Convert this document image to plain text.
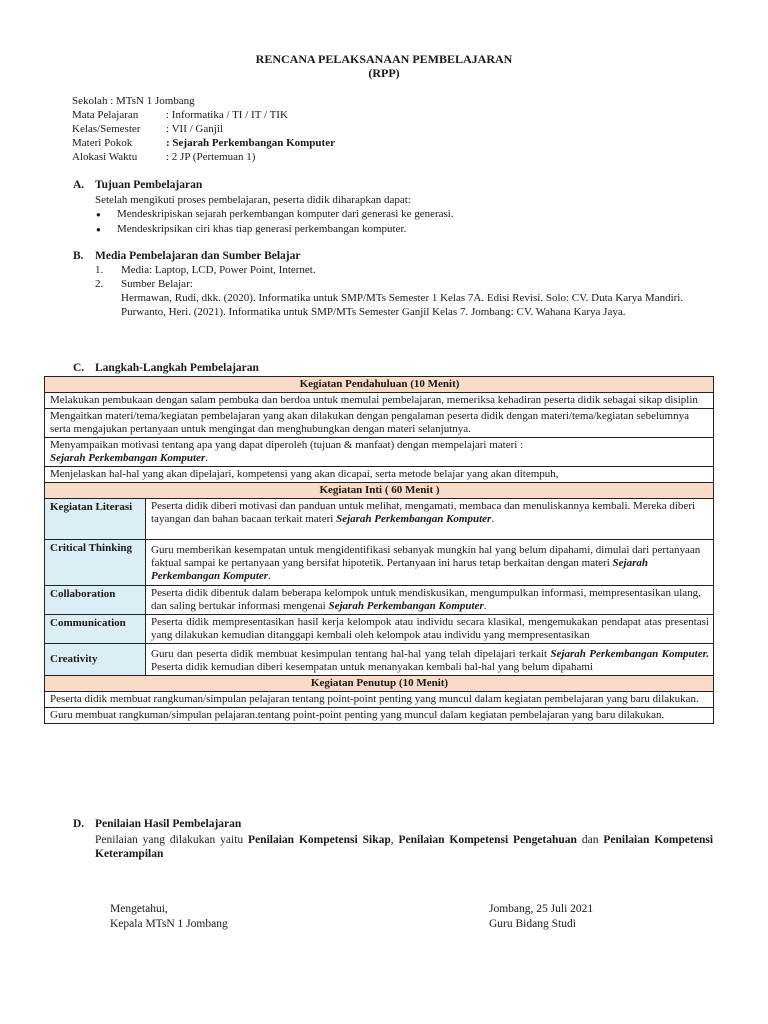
RENCANA PELAKSANAAN PEMBELAJARAN
(RPP)
Sekolah : MTsN 1 Jombang
Mata Pelajaran	: Informatika / TI / IT / TIK
Kelas/Semester : VII / Ganjil
Materi Pokok	: Sejarah Perkembangan Komputer
Alokasi Waktu	: 2 JP (Pertemuan 1)
A. Tujuan Pembelajaran
Setelah mengikuti proses pembelajaran, peserta didik diharapkan dapat:
● Mendeskripiskan sejarah perkembangan komputer dari generasi ke generasi.
● Mendeskripsikan ciri khas tiap generasi perkembangan komputer.
B. Media Pembelajaran dan Sumber Belajar
1. Media: Laptop, LCD, Power Point, Internet.
2. Sumber Belajar:
Hermawan, Rudi, dkk. (2020). Informatika untuk SMP/MTs Semester 1 Kelas 7A. Edisi Revisi. Solo: CV. Duta Karya Mandiri.
Purwanto, Heri. (2021). Informatika untuk SMP/MTs Semester Ganjil Kelas 7. Jombang: CV. Wahana Karya Jaya.
C. Langkah-Langkah Pembelajaran
Kegiatan Pendahuluan (10 Menit)	
Melakukan pembukaan dengan salam pembuka dan berdoa untuk memulai pembelajaran, memeriksa kehadiran peserta didik sebagai sikap disiplin	
Mengaitkan materi/tema/kegiatan pembelajaran yang akan dilakukan dengan pengalaman peserta didik dengan materi/tema/kegiatan sebelumnya serta mengajukan pertanyaan untuk mengingat dan menghubungkan dengan materi selanjutnya.	
Menyampaikan motivasi tentang apa yang dapat diperoleh (tujuan & manfaat) dengan mempelajari materi :
Sejarah Perkembangan Komputer.	
Menjelaskan hal-hal yang akan dipelajari, kompetensi yang akan dicapai, serta metode belajar yang akan ditempuh,	
Kegiatan Inti ( 60 Menit )	
Kegiatan Literasi	Peserta didik diberi motivasi dan panduan untuk melihat, mengamati, membaca dan menuliskannya kembali. Mereka diberi tayangan dan bahan bacaan terkait materi Sejarah Perkembangan Komputer.
Critical Thinking	Guru memberikan kesempatan untuk mengidentifikasi sebanyak mungkin hal yang belum dipahami, dimulai dari pertanyaan faktual sampai ke pertanyaan yang bersifat hipotetik. Pertanyaan ini harus tetap berkaitan dengan materi Sejarah Perkembangan Komputer.
Collaboration	Peserta didik dibentuk dalam beberapa kelompok untuk mendiskusikan, mengumpulkan informasi, mempresentasikan ulang, dan saling bertukar informasi mengenai Sejarah Perkembangan Komputer.
Communication	Peserta didik mempresentasikan hasil kerja kelompok atau individu secara klasikal, mengemukakan pendapat atas presentasi yang dilakukan kemudian ditanggapi kembali oleh kelompok atau individu yang mempresentasikan
Creativity	Guru dan peserta didik membuat kesimpulan tentang hal-hal yang telah dipelajari terkait Sejarah Perkembangan Komputer. Peserta didik kemudian diberi kesempatan untuk menanyakan kembali hal-hal yang belum dipahami
Kegiatan Penutup (10 Menit)	
Peserta didik membuat rangkuman/simpulan pelajaran tentang point-point penting yang muncul dalam kegiatan pembelajaran yang baru dilakukan.	
Guru membuat rangkuman/simpulan pelajaran.tentang point-point penting yang muncul dalam kegiatan pembelajaran yang baru dilakukan.	
D. Penilaian Hasil Pembelajaran
Penilaian yang dilakukan yaitu Penilaian Kompetensi Sikap, Penilaian Kompetensi Pengetahuan dan Penilaian Kompetensi Keterampilan
Mengetahui,
Kepala MTsN 1 Jombang
Jombang, 25 Juli 2021
Guru Bidang Studi
